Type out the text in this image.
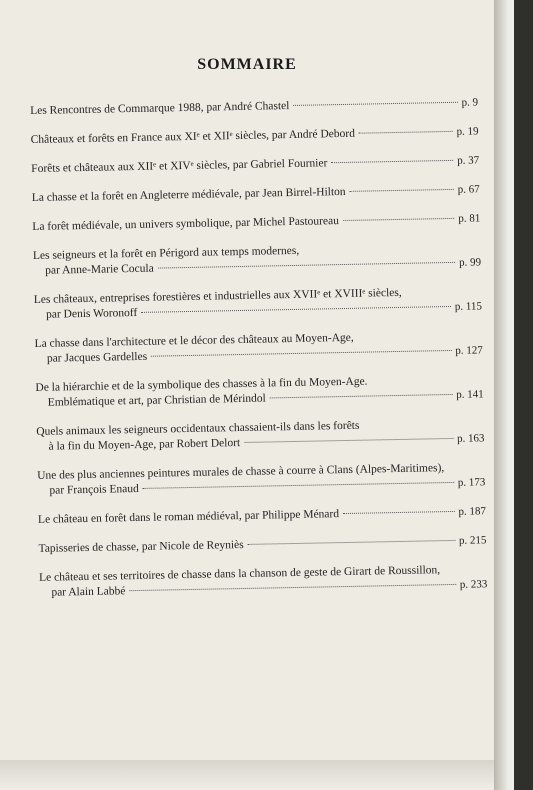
SOMMAIRE
Les Rencontres de Commarque 1988, par André Chastel	p. 9
Châteaux et forêts en France aux XIᵉ et XIIᵉ siècles, par André Debord	p. 19
Forêts et châteaux aux XIIᵉ et XIVᵉ siècles, par Gabriel Fournier	p. 37
La chasse et la forêt en Angleterre médiévale, par Jean Birrel-Hilton	p. 67
La forêt médiévale, un univers symbolique, par Michel Pastoureau	p. 81
Les seigneurs et la forêt en Périgord aux temps modernes,
par Anne-Marie Cocula
p. 99
Les châteaux, entreprises forestières et industrielles aux XVIIᵉ et XVIIIᵉ siècles,
par Denis Woronoff
p. 115
La chasse dans l'architecture et le décor des châteaux au Moyen-Age,
par Jacques Gardelles
p. 127
De la hiérarchie et de la symbolique des chasses à la fin du Moyen-Age.
Emblématique et art, par Christian de Mérindol	p. 141
Quels animaux les seigneurs occidentaux chassaient-ils dans les forêts
à la fin du Moyen-Age, par Robert Delort	p. 163
Une des plus anciennes peintures murales de chasse à courre à Clans (Alpes-Maritimes),
par François Enaud
p. 173
Le château en forêt dans le roman médiéval, par Philippe Ménard	p. 187
Tapisseries de chasse, par Nicole de Reyniès	p. 215
Le château et ses territoires de chasse dans la chanson de geste de Girart de Roussillon,
par Alain Labbé
p. 233
